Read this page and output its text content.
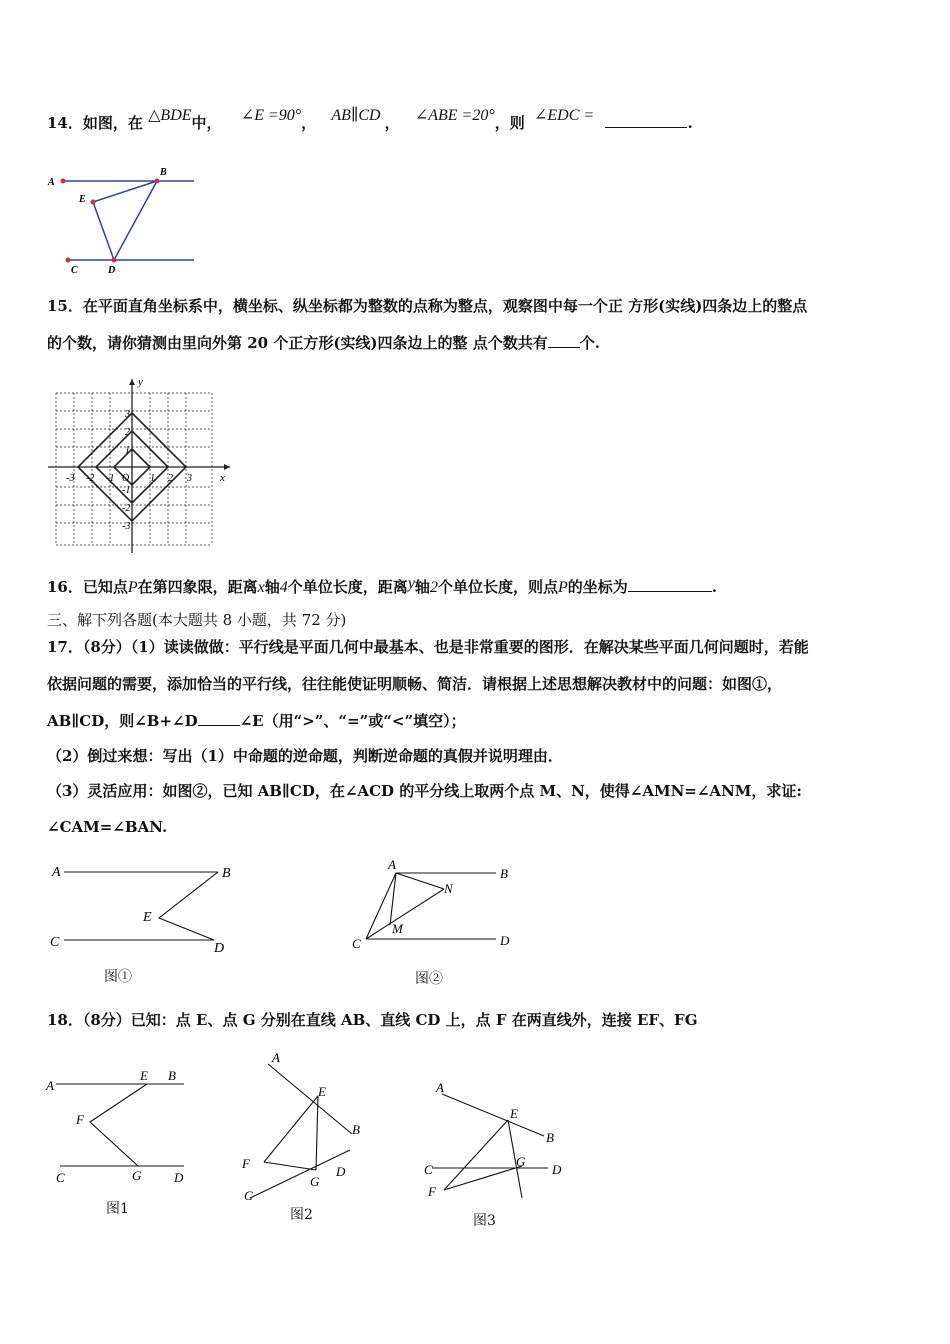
14．如图，在 △BDE中， ∠E =90°， AB∥CD ， ∠ABE =20°，则 ∠EDC =	.
A
B
E
C	D
15．在平面直角坐标系中，横坐标、纵坐标都为整数的点称为整点，观察图中每一个正 方形(实线)四条边上的整点
的个数，请你猜测由里向外第 20 个正方形(实线)四条边上的整 点个数共有 个.
x
y
O
-3 -2 -1	1 2 3
3
2
1
-1
-2
-3
16．已知点P在第四象限，距离x轴4个单位长度，距离y轴2个单位长度，则点P的坐标为	.
三、解下列各题(本大题共 8 小题，共 72 分)
17．（8分）（1）读读做做：平行线是平面几何中最基本、也是非常重要的图形．在解决某些平面几何问题时，若能
依据问题的需要，添加恰当的平行线，往往能使证明顺畅、简洁．请根据上述思想解决教材中的问题：如图①，
AB∥CD，则∠B+∠D	∠E（用“>”、“=”或“<”填空）；
（2）倒过来想：写出（1）中命题的逆命题，判断逆命题的真假并说明理由．
（3）灵活应用：如图②，已知 AB∥CD，在∠ACD 的平分线上取两个点 M、N，使得∠AMN=∠ANM，求证:
∠CAM=∠BAN.
A	B
E
C	D
图①
A
B
N
M
C	D
图②
18．（8分）已知：点 E、点 G 分别在直线 AB、直线 CD 上，点 F 在两直线外，连接 EF、FG
A
E B
F
C	G	D
图1
A
E
B
F
G
D
C
图2
A
E
B
C
G
D
F
图3
